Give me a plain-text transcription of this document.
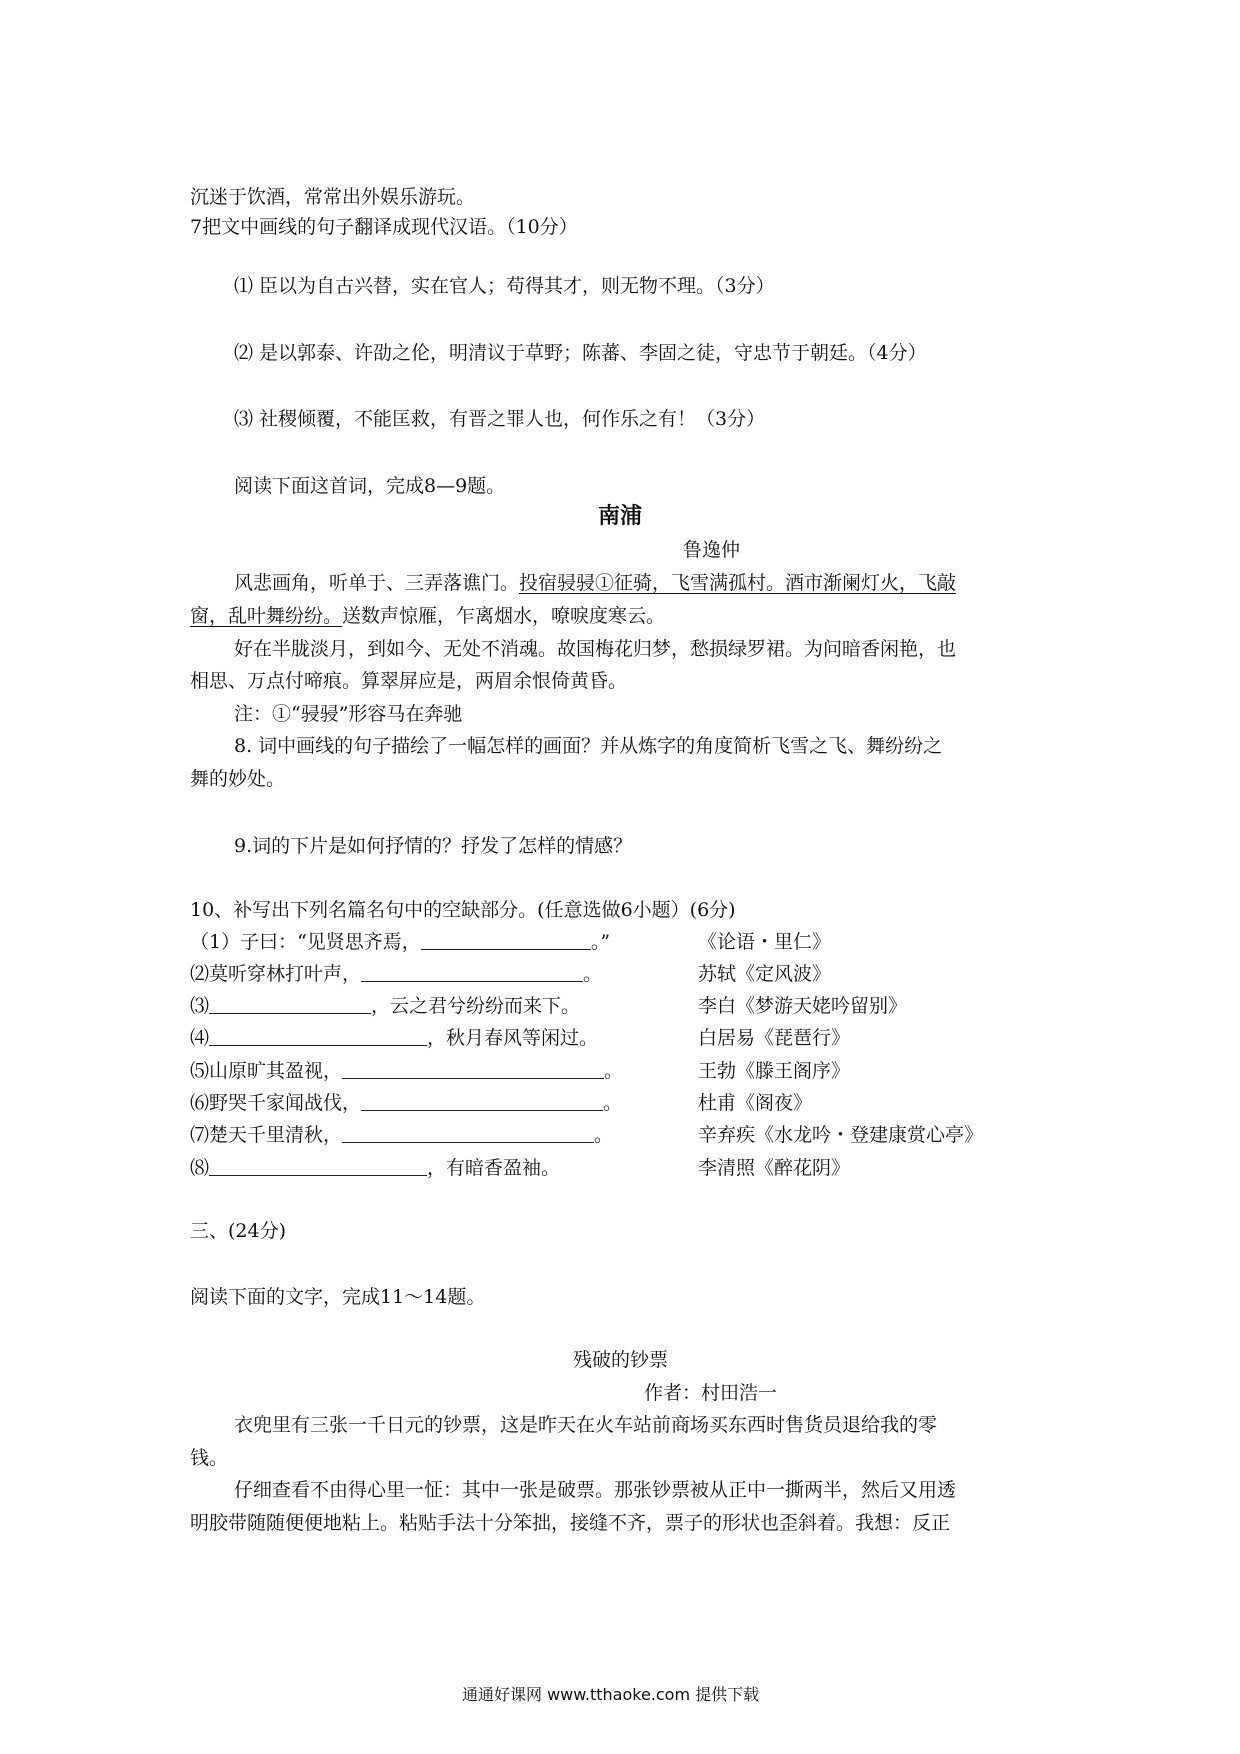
沉迷于饮酒，常常出外娱乐游玩。
7把文中画线的句子翻译成现代汉语。（10分）
⑴ 臣以为自古兴替，实在官人；苟得其才，则无物不理。（3分）
⑵ 是以郭泰、许劭之伦，明清议于草野；陈蕃、李固之徒，守忠节于朝廷。（4分）
⑶ 社稷倾覆，不能匡救，有晋之罪人也，何作乐之有！（3分）
阅读下面这首词，完成8—9题。
南浦
鲁逸仲
风悲画角，听单于、三弄落谯门。投宿骎骎①征骑，飞雪满孤村。酒市渐阑灯火，飞敲
窗，乱叶舞纷纷。送数声惊雁，乍离烟水，嘹唳度寒云。
好在半胧淡月，到如今、无处不消魂。故国梅花归梦，愁损绿罗裙。为问暗香闲艳，也
相思、万点付啼痕。算翠屏应是，两眉余恨倚黄昏。
注：①“骎骎”形容马在奔驰
8. 词中画线的句子描绘了一幅怎样的画面？并从炼字的角度简析飞雪之飞、舞纷纷之
舞的妙处。
9.词的下片是如何抒情的？抒发了怎样的情感？
10、补写出下列名篇名句中的空缺部分。(任意选做6小题）(6分)
（1）子曰：“见贤思齐焉，	。”	《论语・里仁》
⑵莫听穿林打叶声，	。	苏轼《定风波》
⑶	，云之君兮纷纷而来下。	李白《梦游天姥吟留别》
⑷	，秋月春风等闲过。	白居易《琵琶行》
⑸山原旷其盈视，	。	王勃《滕王阁序》
⑹野哭千家闻战伐，	。	杜甫《阁夜》
⑺楚天千里清秋，	。	辛弃疾《水龙吟・登建康赏心亭》
⑻	，有暗香盈袖。	李清照《醉花阴》
三、(24分)
阅读下面的文字，完成11～14题。
残破的钞票
作者：村田浩一
衣兜里有三张一千日元的钞票，这是昨天在火车站前商场买东西时售货员退给我的零
钱。
仔细查看不由得心里一怔：其中一张是破票。那张钞票被从正中一撕两半，然后又用透
明胶带随随便便地粘上。粘贴手法十分笨拙，接缝不齐，票子的形状也歪斜着。我想：反正
通通好课网 www.tthaoke.com 提供下载
